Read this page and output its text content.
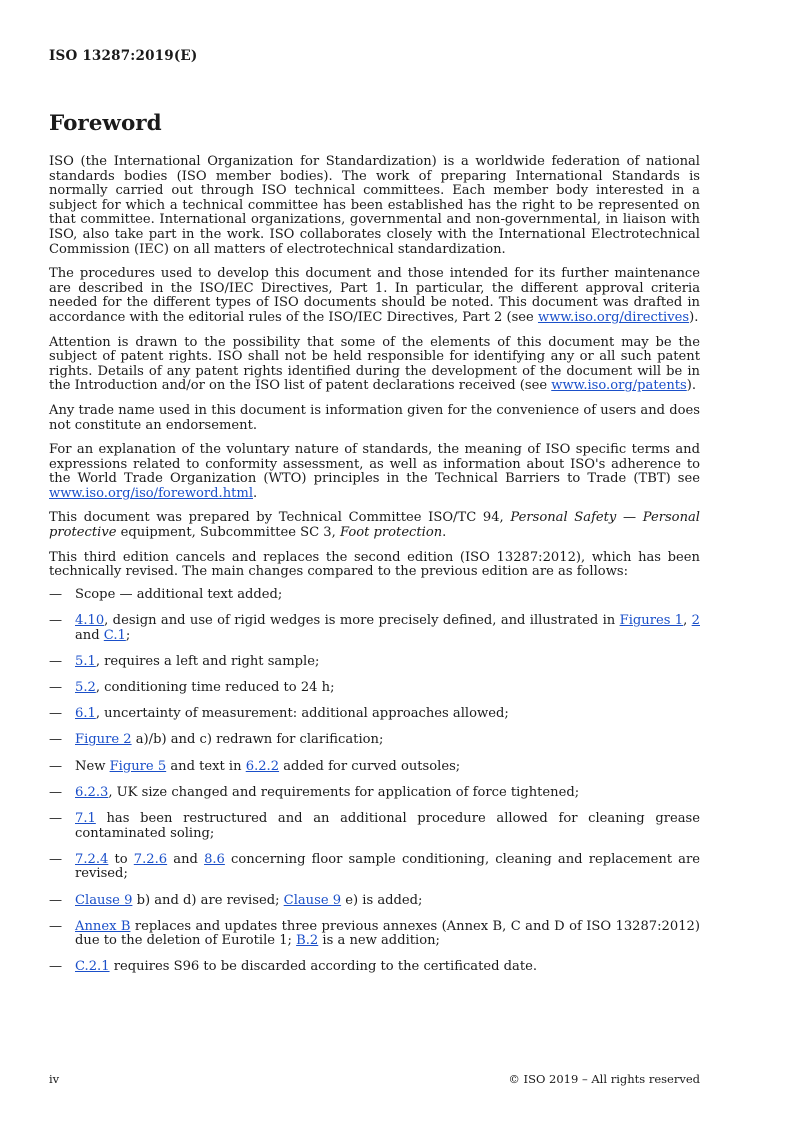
ISO 13287:2019(E)
Foreword

ISO (the International Organization for Standardization) is a worldwide federation of national standards bodies (ISO member bodies). The work of preparing International Standards is normally carried out through ISO technical committees. Each member body interested in a subject for which a technical committee has been established has the right to be represented on that committee. International organizations, governmental and non-governmental, in liaison with ISO, also take part in the work. ISO collaborates closely with the International Electrotechnical Commission (IEC) on all matters of electrotechnical standardization.

The procedures used to develop this document and those intended for its further maintenance are described in the ISO/IEC Directives, Part 1. In particular, the different approval criteria needed for the different types of ISO documents should be noted. This document was drafted in accordance with the editorial rules of the ISO/IEC Directives, Part 2 (see www.iso.org/directives).

Attention is drawn to the possibility that some of the elements of this document may be the subject of patent rights. ISO shall not be held responsible for identifying any or all such patent rights. Details of any patent rights identified during the development of the document will be in the Introduction and/or on the ISO list of patent declarations received (see www.iso.org/patents).

Any trade name used in this document is information given for the convenience of users and does not constitute an endorsement.

For an explanation of the voluntary nature of standards, the meaning of ISO specific terms and expressions related to conformity assessment, as well as information about ISO's adherence to the World Trade Organization (WTO) principles in the Technical Barriers to Trade (TBT) see www.iso.org/iso/foreword.html.

This document was prepared by Technical Committee ISO/TC 94, Personal Safety — Personal protective equipment, Subcommittee SC 3, Foot protection.

This third edition cancels and replaces the second edition (ISO 13287:2012), which has been technically revised. The main changes compared to the previous edition are as follows:

— Scope — additional text added;
— 4.10, design and use of rigid wedges is more precisely defined, and illustrated in Figures 1, 2 and C.1;
— 5.1, requires a left and right sample;
— 5.2, conditioning time reduced to 24 h;
— 6.1, uncertainty of measurement: additional approaches allowed;
— Figure 2 a)/b) and c) redrawn for clarification;
— New Figure 5 and text in 6.2.2 added for curved outsoles;
— 6.2.3, UK size changed and requirements for application of force tightened;
— 7.1 has been restructured and an additional procedure allowed for cleaning grease contaminated soling;
— 7.2.4 to 7.2.6 and 8.6 concerning floor sample conditioning, cleaning and replacement are revised;
— Clause 9 b) and d) are revised; Clause 9 e) is added;
— Annex B replaces and updates three previous annexes (Annex B, C and D of ISO 13287:2012) due to the deletion of Eurotile 1; B.2 is a new addition;
— C.2.1 requires S96 to be discarded according to the certificated date.
iv	© ISO 2019 – All rights reserved
